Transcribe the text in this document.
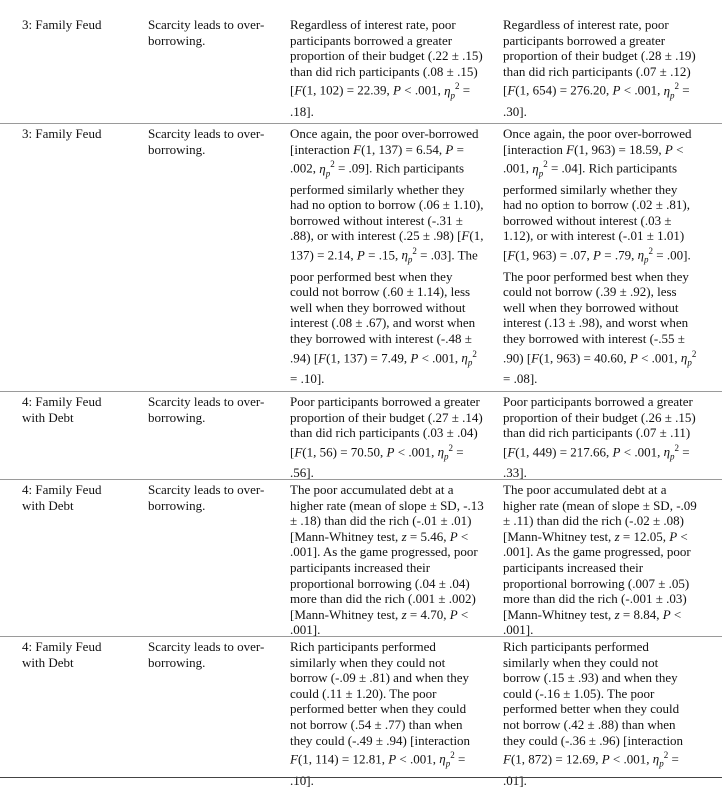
3: Family Feud	Scarcity leads to over-
borrowing.
Regardless of interest rate, poor
participants borrowed a greater
proportion of their budget (.22 ± .15)
than did rich participants (.08 ± .15)
[F(1, 102) = 22.39, P < .001, $\eta_p^2$ =
.18].
Regardless of interest rate, poor
participants borrowed a greater
proportion of their budget (.28 ± .19)
than did rich participants (.07 ± .12)
[F(1, 654) = 276.20, P < .001, $\eta_p^2$ =
.30].
3: Family Feud	Scarcity leads to over-
borrowing.
Once again, the poor over-borrowed
[interaction F(1, 137) = 6.54, P =
.002, $\eta_p^2 = .09$]. Rich participants
performed similarly whether they
had no option to borrow (.06 ± 1.10),
borrowed without interest (-.31 ±
.88), or with interest (.25 ± .98) [F(1,
137) = 2.14, P = .15, $\eta_p^2 = .03$]. The
poor performed best when they
could not borrow (.60 ± 1.14), less
well when they borrowed without
interest (.08 ± .67), and worst when
they borrowed with interest (-.48 ±
.94) [F(1, 137) = 7.49, P < .001, $\eta_p^2$
= .10].
Once again, the poor over-borrowed
[interaction F(1, 963) = 18.59, P <
.001, $\eta_p^2 = .04$]. Rich participants
performed similarly whether they
had no option to borrow (.02 ± .81),
borrowed without interest (.03 ±
1.12), or with interest (-.01 ± 1.01)
[F(1, 963) = .07, P = .79, $\eta_p^2 = .00$].
The poor performed best when they
could not borrow (.39 ± .92), less
well when they borrowed without
interest (.13 ± .98), and worst when
they borrowed with interest (-.55 ±
.90) [F(1, 963) = 40.60, P < .001, $\eta_p^2$
= .08].
4: Family Feud
with Debt
Scarcity leads to over-
borrowing.
Poor participants borrowed a greater
proportion of their budget (.27 ± .14)
than did rich participants (.03 ± .04)
[F(1, 56) = 70.50, P < .001, $\eta_p^2$ =
.56].
Poor participants borrowed a greater
proportion of their budget (.26 ± .15)
than did rich participants (.07 ± .11)
[F(1, 449) = 217.66, P < .001, $\eta_p^2$ =
.33].
4: Family Feud
with Debt
Scarcity leads to over-
borrowing.
The poor accumulated debt at a
higher rate (mean of slope ± SD, -.13
± .18) than did the rich (-.01 ± .01)
[Mann-Whitney test, z = 5.46, P <
.001]. As the game progressed, poor
participants increased their
proportional borrowing (.04 ± .04)
more than did the rich (.001 ± .002)
[Mann-Whitney test, z = 4.70, P <
.001].
The poor accumulated debt at a
higher rate (mean of slope ± SD, -.09
± .11) than did the rich (-.02 ± .08)
[Mann-Whitney test, z = 12.05, P <
.001]. As the game progressed, poor
participants increased their
proportional borrowing (.007 ± .05)
more than did the rich (-.001 ± .03)
[Mann-Whitney test, z = 8.84, P <
.001].
4: Family Feud
with Debt
Scarcity leads to over-
borrowing.
Rich participants performed
similarly when they could not
borrow (-.09 ± .81) and when they
could (.11 ± 1.20). The poor
performed better when they could
not borrow (.54 ± .77) than when
they could (-.49 ± .94) [interaction
F(1, 114) = 12.81, P < .001, $\eta_p^2$ =
.10].
Rich participants performed
similarly when they could not
borrow (.15 ± .93) and when they
could (-.16 ± 1.05). The poor
performed better when they could
not borrow (.42 ± .88) than when
they could (-.36 ± .96) [interaction
F(1, 872) = 12.69, P < .001, $\eta_p^2$ =
.01].
